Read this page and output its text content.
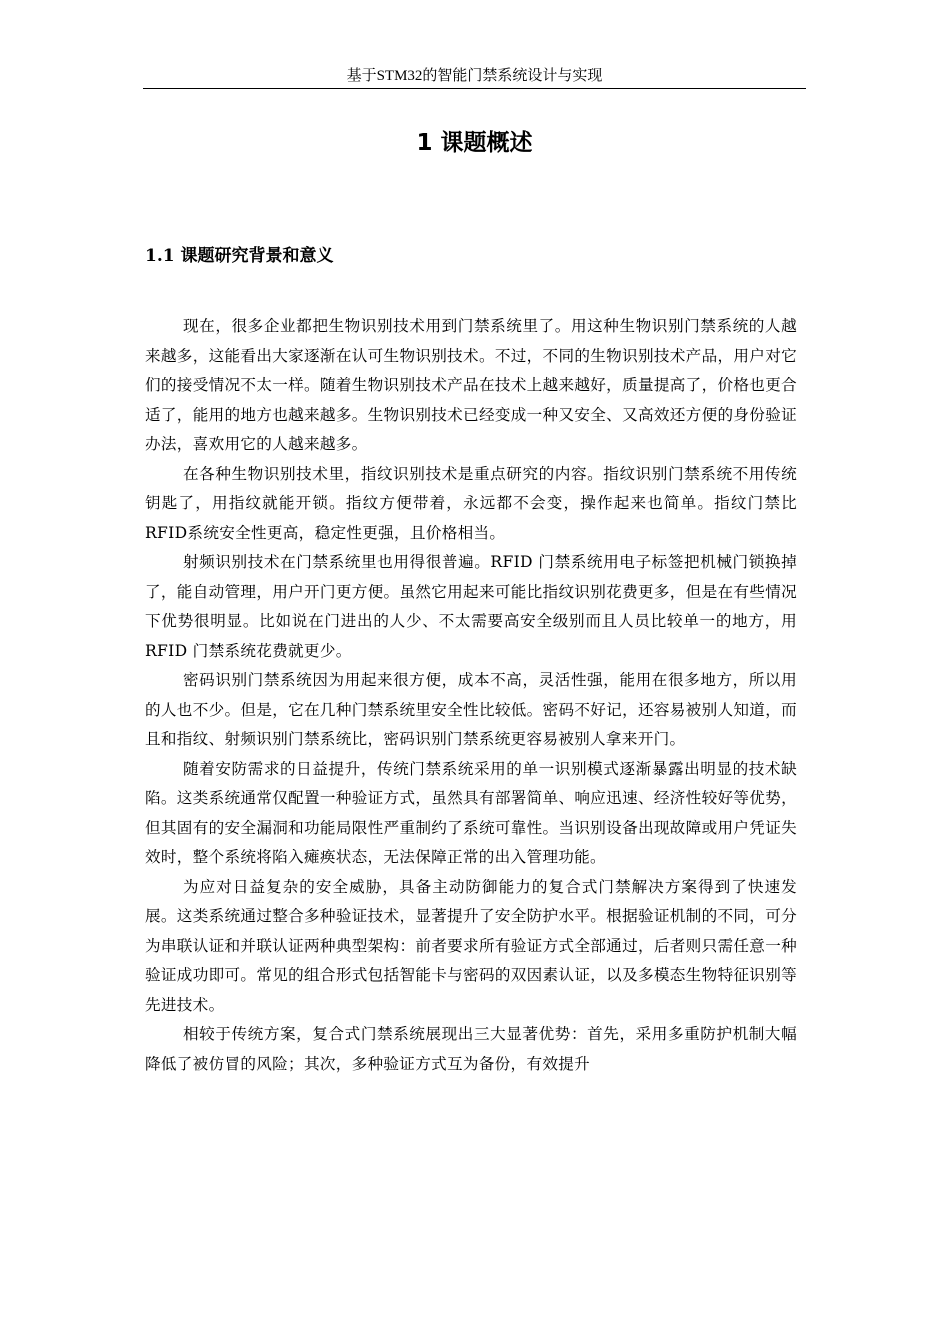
基于STM32的智能门禁系统设计与实现
1 课题概述
1.1 课题研究背景和意义

现在，很多企业都把生物识别技术用到门禁系统里了。用这种生物识别门禁系统的人越来越多，这能看出大家逐渐在认可生物识别技术。不过，不同的生物识别技术产品，用户对它们的接受情况不太一样。随着生物识别技术产品在技术上越来越好，质量提高了，价格也更合适了，能用的地方也越来越多。生物识别技术已经变成一种又安全、又高效还方便的身份验证办法，喜欢用它的人越来越多。

在各种生物识别技术里，指纹识别技术是重点研究的内容。指纹识别门禁系统不用传统钥匙了，用指纹就能开锁。指纹方便带着，永远都不会变，操作起来也简单。指纹门禁比RFID系统安全性更高，稳定性更强，且价格相当。

射频识别技术在门禁系统里也用得很普遍。RFID 门禁系统用电子标签把机械门锁换掉了，能自动管理，用户开门更方便。虽然它用起来可能比指纹识别花费更多，但是在有些情况下优势很明显。比如说在门进出的人少、不太需要高安全级别而且人员比较单一的地方，用 RFID 门禁系统花费就更少。

密码识别门禁系统因为用起来很方便，成本不高，灵活性强，能用在很多地方，所以用的人也不少。但是，它在几种门禁系统里安全性比较低。密码不好记，还容易被别人知道，而且和指纹、射频识别门禁系统比，密码识别门禁系统更容易被别人拿来开门。

随着安防需求的日益提升，传统门禁系统采用的单一识别模式逐渐暴露出明显的技术缺陷。这类系统通常仅配置一种验证方式，虽然具有部署简单、响应迅速、经济性较好等优势，但其固有的安全漏洞和功能局限性严重制约了系统可靠性。当识别设备出现故障或用户凭证失效时，整个系统将陷入瘫痪状态，无法保障正常的出入管理功能。

为应对日益复杂的安全威胁，具备主动防御能力的复合式门禁解决方案得到了快速发展。这类系统通过整合多种验证技术，显著提升了安全防护水平。根据验证机制的不同，可分为串联认证和并联认证两种典型架构：前者要求所有验证方式全部通过，后者则只需任意一种验证成功即可。常见的组合形式包括智能卡与密码的双因素认证，以及多模态生物特征识别等先进技术。

相较于传统方案，复合式门禁系统展现出三大显著优势：首先，采用多重防护机制大幅降低了被仿冒的风险；其次，多种验证方式互为备份，有效提升
